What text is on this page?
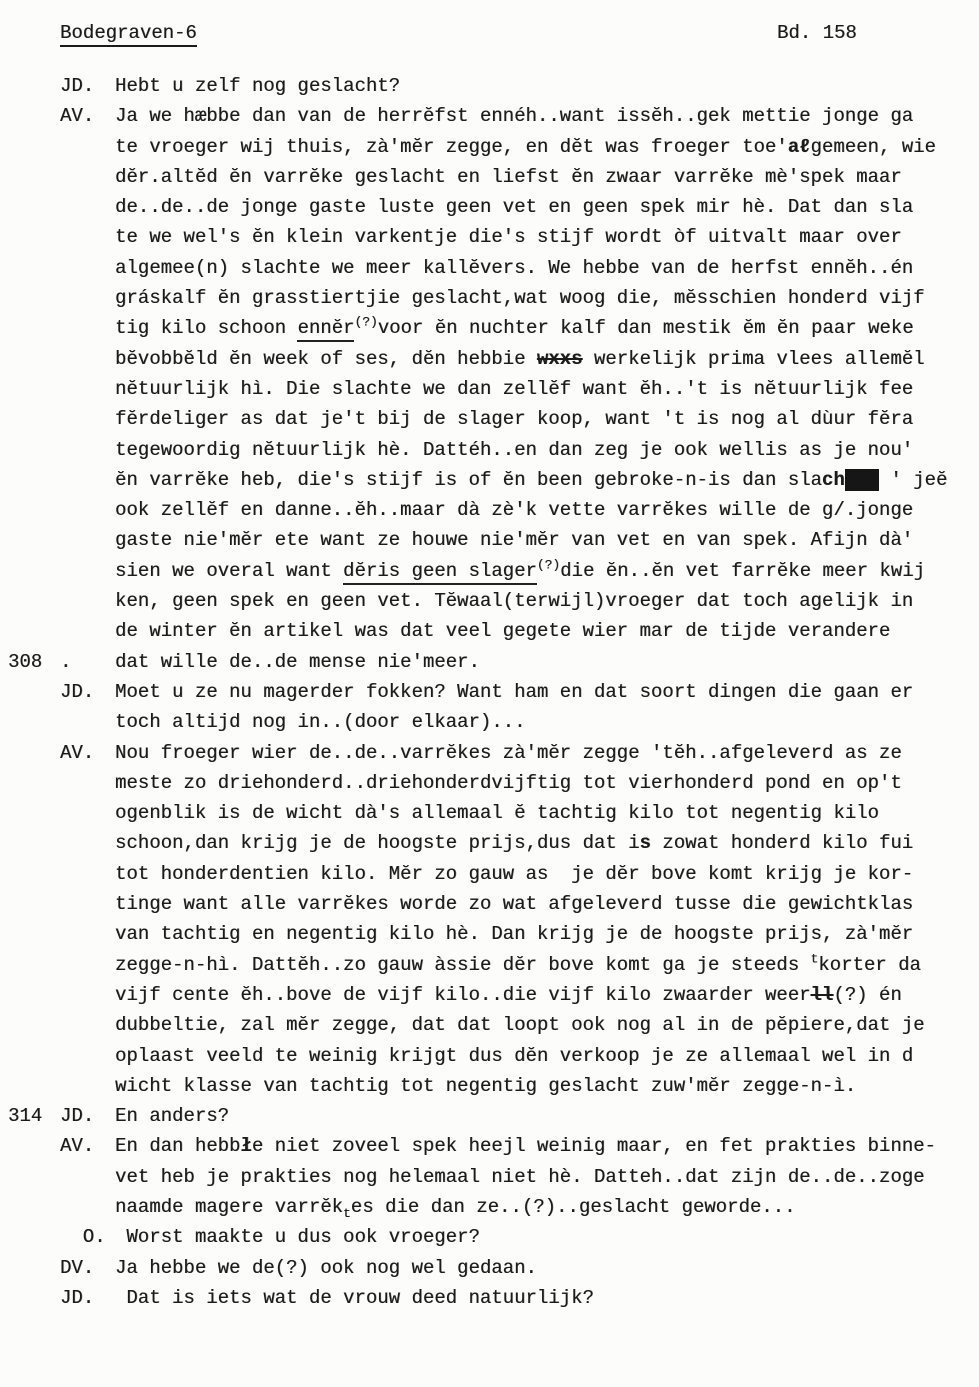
Bodegraven-6

	Bd. 158

JD.	Hebt u zelf nog geslacht?
AV.	Ja we hæbbe dan van de herrĕfst ennéh..want issĕh..gek mettie jonge ga
te vroeger wij thuis, zà'mĕr zegge, en dĕt was froeger toe'aℓgemeen, wie
dĕr.altĕd ĕn varrĕke geslacht en liefst ĕn zwaar varrĕke mè'spek maar
de..de..de jonge gaste luste geen vet en geen spek mir hè. Dat dan sla
te we wel's ĕn klein varkentje die's stijf wordt òf uitvalt maar over
algemee(n) slachte we meer kallĕvers. We hebbe van de herfst ennĕh..én
gráskalf ĕn grasstiertjie geslacht,wat woog die, mĕsschien honderd vijf
tig kilo schoon ennĕr(?)voor ĕn nuchter kalf dan mestik ĕm ĕn paar weke
bĕvobbĕld ĕn week of ses, dĕn hebbie wxxs werkelijk prima vlees allemĕl
nĕtuurlijk hì. Die slachte we dan zellĕf want ĕh..'t is nĕtuurlijk fee
fĕrdeliger as dat je't bij de slager koop, want 't is nog al dùur fĕra
tegewoordig nĕtuurlijk hè. Dattéh..en dan zeg je ook wellis as je nou'
ĕn varrĕke heb, die's stijf is of ĕn been gebroke-n-is dan slach    ' jeĕ
ook zellĕf en danne..ĕh..maar dà zè'k vette varrĕkes wille de g/.jonge
gaste nie'mĕr ete want ze houwe nie'mĕr van vet en van spek. Afijn dà'
sien we overal want dĕris geen slager(?)die ĕn..ĕn vet farrĕke meer kwij
ken, geen spek en geen vet. Tĕwaal(terwijl)vroeger dat toch agelijk in
de winter ĕn artikel was dat veel gegete wier mar de tijde verandere
308 .	dat wille de..de mense nie'meer.
JD.	Moet u ze nu magerder fokken? Want ham en dat soort dingen die gaan er
toch altijd nog in..(door elkaar)...
AV.	Nou froeger wier de..de..varrĕkes zà'mĕr zegge 'tĕh..afgeleverd as ze
meste zo driehonderd..driehonderdvijftig tot vierhonderd pond en op't
ogenblik is de wicht dà's allemaal ĕ tachtig kilo tot negentig kilo
schoon,dan krijg je de hoogste prijs,dus dat is zowat honderd kilo fui
tot honderdentien kilo. Mĕr zo gauw as  je dĕr bove komt krijg je kor-
tinge want alle varrĕkes worde zo wat afgeleverd tusse die gewichtklas
van tachtig en negentig kilo hè. Dan krijg je de hoogste prijs, zà'mĕr
zegge-n-hì. Dattĕh..zo gauw àssie dĕr bove komt ga je steeds $^t$korter da
vijf cente ĕh..bove de vijf kilo..die vijf kilo zwaarder weerll(?) én
dubbeltie, zal mĕr zegge, dat dat loopt ook nog al in de pĕpiere,dat je
oplaast veeld te weinig krijgt dus dĕn verkoop je ze allemaal wel in d
wicht klasse van tachtig tot negentig geslacht zuw'mĕr zegge-n-ì.
314 JD.	En anders?
AV.	En dan hebbłe niet zoveel spek heejl weinig maar, en fet prakties binne-
vet heb je prakties nog helemaal niet hè. Datteh..dat zijn de..de..zoge
naamde magere varrĕk$_t$es die dan ze..(?)..geslacht geworde...
O. Worst maakte u dus ook vroeger?
DV.	Ja hebbe we de(?) ook nog wel gedaan.
JD.	Dat is iets wat de vrouw deed natuurlijk?
